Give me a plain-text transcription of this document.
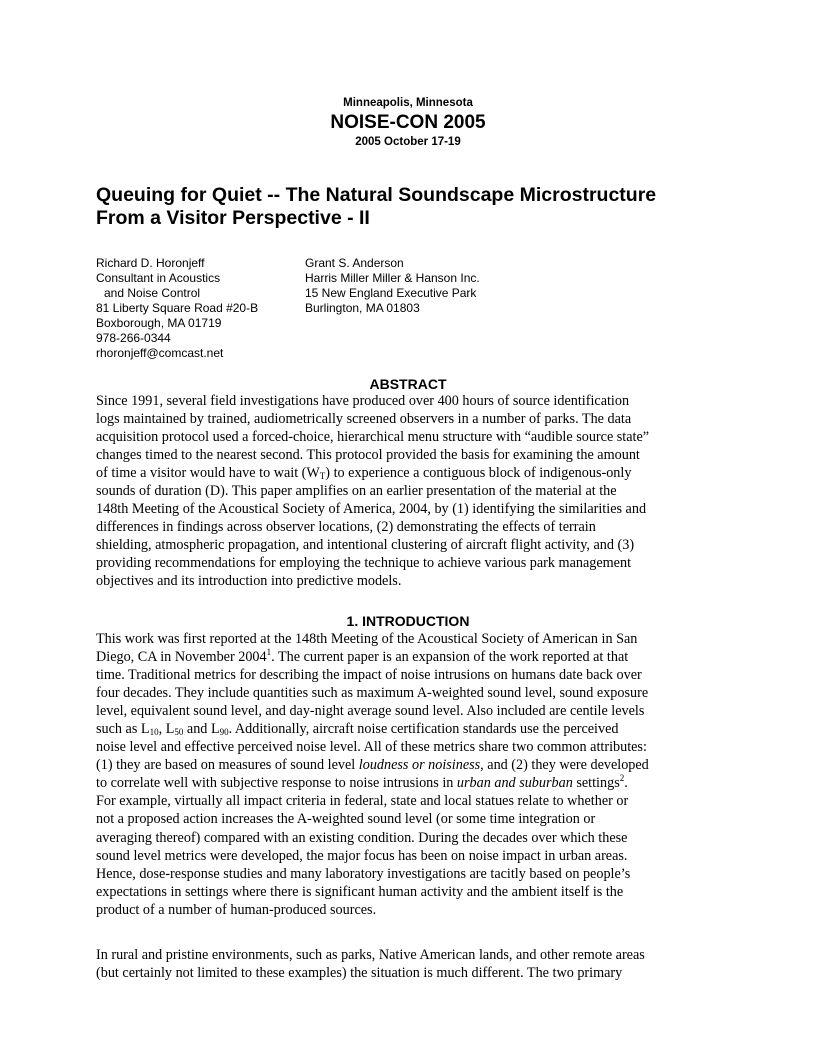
Minneapolis, Minnesota
NOISE-CON 2005
2005 October 17-19
Queuing for Quiet -- The Natural Soundscape Microstructure
From a Visitor Perspective - II
Richard D. Horonjeff
Consultant in Acoustics
and Noise Control
81 Liberty Square Road #20-B
Boxborough, MA 01719
978-266-0344
rhoronjeff@comcast.net
Grant S. Anderson
Harris Miller Miller & Hanson Inc.
15 New England Executive Park
Burlington, MA 01803
ABSTRACT
Since 1991, several field investigations have produced over 400 hours of source identification
logs maintained by trained, audiometrically screened observers in a number of parks. The data
acquisition protocol used a forced-choice, hierarchical menu structure with “audible source state”
changes timed to the nearest second. This protocol provided the basis for examining the amount
of time a visitor would have to wait $(W_T)$ to experience a contiguous block of indigenous-only
sounds of duration (D). This paper amplifies on an earlier presentation of the material at the
148th Meeting of the Acoustical Society of America, 2004, by (1) identifying the similarities and
differences in findings across observer locations, (2) demonstrating the effects of terrain
shielding, atmospheric propagation, and intentional clustering of aircraft flight activity, and (3)
providing recommendations for employing the technique to achieve various park management
objectives and its introduction into predictive models.
1. INTRODUCTION
This work was first reported at the 148th Meeting of the Acoustical Society of American in San
Diego, CA in November 2004$^1$. The current paper is an expansion of the work reported at that
time. Traditional metrics for describing the impact of noise intrusions on humans date back over
four decades. They include quantities such as maximum A-weighted sound level, sound exposure
level, equivalent sound level, and day-night average sound level. Also included are centile levels
such as $L_{10}$, $L_{50}$ and $L_{90}$. Additionally, aircraft noise certification standards use the perceived
noise level and effective perceived noise level. All of these metrics share two common attributes:
(1) they are based on measures of sound level loudness or noisiness, and (2) they were developed
to correlate well with subjective response to noise intrusions in urban and suburban settings$^2$.
For example, virtually all impact criteria in federal, state and local statues relate to whether or
not a proposed action increases the A-weighted sound level (or some time integration or
averaging thereof) compared with an existing condition. During the decades over which these
sound level metrics were developed, the major focus has been on noise impact in urban areas.
Hence, dose-response studies and many laboratory investigations are tacitly based on people’s
expectations in settings where there is significant human activity and the ambient itself is the
product of a number of human-produced sources.
In rural and pristine environments, such as parks, Native American lands, and other remote areas
(but certainly not limited to these examples) the situation is much different. The two primary
